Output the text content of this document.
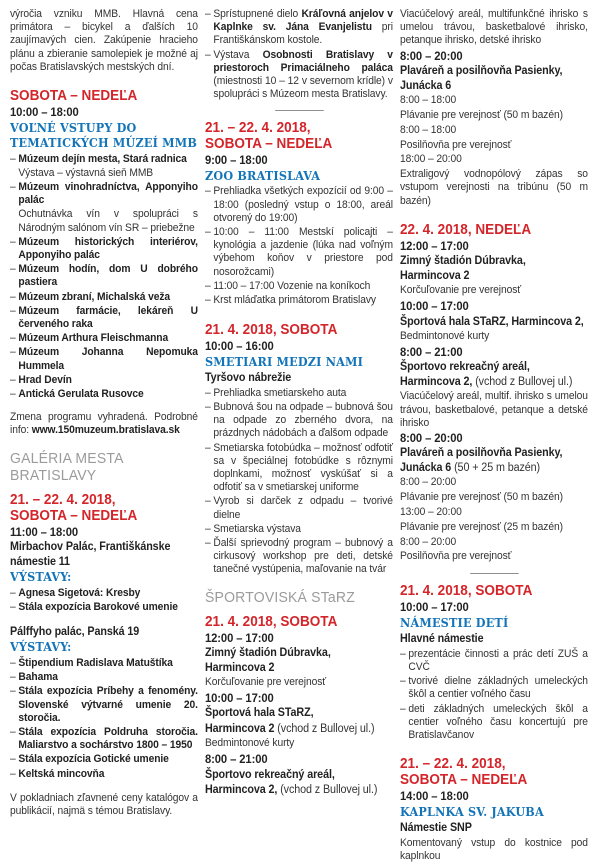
výročia vzniku MMB. Hlavná cena primátora – bicykel a ďalších 10 zaujímavých cien. Zakúpenie hracieho plánu a zbieranie samolepiek je možné aj počas Bratislavských mestských dní.
SOBOTA – NEDEĽA
10:00 – 18:00
VOĽNÉ VSTUPY DO
TEMATICKÝCH MÚZEÍ MMB
– Múzeum dejín mesta, Stará radnica
Výstava – výstavná sieň MMB
– Múzeum vinohradníctva, Apponyiho palác
Ochutnávka vín v spolupráci s Národným salónom vín SR – priebežne
– Múzeum historických interiérov, Apponyiho palác
– Múzeum hodín, dom U dobrého pastiera
– Múzeum zbraní, Michalská veža
– Múzeum farmácie, lekáreň U červeného raka
– Múzeum Arthura Fleischmanna
– Múzeum Johanna Nepomuka Hummela
– Hrad Devín
– Antická Gerulata Rusovce
Zmena programu vyhradená. Podrobné info: www.150muzeum.bratislava.sk
GALÉRIA MESTA BRATISLAVY
21. – 22. 4. 2018,
SOBOTA – NEDEĽA
11:00 – 18:00
Mirbachov Palác, Františkánske námestie 11
VÝSTAVY:
– Agnesa Sigetová: Kresby
– Stála expozícia Barokové umenie
Pálffyho palác, Panská 19
VÝSTAVY:
– Štipendium Radislava Matuštíka
– Bahama
– Stála expozícia Príbehy a fenomény. Slovenské výtvarné umenie 20. storočia.
– Stála expozícia Poldruha storočia. Maliarstvo a sochárstvo 1800 – 1950
– Stála expozícia Gotické umenie
– Keltská mincovňa
V pokladniach zľavnené ceny katalógov a publikácií, najmä s témou Bratislavy.
– Sprístupnené dielo Kráľovná anjelov v Kaplnke sv. Jána Evanjelistu pri Františkánskom kostole.
– Výstava Osobnosti Bratislavy v priestoroch Primaciálneho paláca (miestnosti 10 – 12 v severnom krídle) v spolupráci s Múzeom mesta Bratislavy.
21. – 22. 4. 2018,
SOBOTA – NEDEĽA
9:00 – 18:00
ZOO BRATISLAVA
– Prehliadka všetkých expozícií od 9:00 – 18:00 (posledný vstup o 18:00, areál otvorený do 19:00)
– 10:00 – 11:00 Mestskí policajti – kynológia a jazdenie (lúka nad voľným výbehom koňov v priestore pod nosorožcami)
– 11:00 – 17:00 Vozenie na koníkoch
– Krst mláďatka primátorom Bratislavy
21. 4. 2018, SOBOTA
10:00 – 16:00
SMETIARI MEDZI NAMI
Tyršovo nábrežie
– Prehliadka smetiarskeho auta
– Bubnová šou na odpade – bubnová šou na odpade zo zberného dvora, na prázdnych nádobách a ďalšom odpade
– Smetiarska fotobúdka – možnosť odfotiť sa v špeciálnej fotobúdke s rôznymi doplnkami, možnosť vyskúšať si a odfotiť sa v smetiarskej uniforme
– Vyrob si darček z odpadu – tvorivé dielne
– Smetiarska výstava
– Ďalší sprievodný program – bubnový a cirkusový workshop pre deti, detské tanečné vystúpenia, maľovanie na tvár
ŠPORTOVISKÁ STaRZ
21. 4. 2018, SOBOTA
12:00 – 17:00
Zimný štadión Dúbravka, Harmincova 2
Korčuľovanie pre verejnosť
10:00 – 17:00
Športová hala STaRZ,
Harmincova 2 (vchod z Bullovej ul.)
Bedmintonové kurty
8:00 – 21:00
Športovo rekreačný areál,
Harmincova 2, (vchod z Bullovej ul.)
Viacúčelový areál, multifunkčné ihrisko s umelou trávou, basketbalové ihrisko, petanque ihrisko, detské ihrisko
8:00 – 20:00
Plaváreň a posilňovňa Pasienky, Junácka 6
8:00 – 18:00
Plávanie pre verejnosť (50 m bazén)
8:00 – 18:00
Posilňovňa pre verejnosť
18:00 – 20:00
Extraligový vodnopólový zápas so vstupom verejnosti na tribúnu (50 m bazén)
22. 4. 2018, NEDEĽA
12:00 – 17:00
Zimný štadión Dúbravka, Harmincova 2
Korčuľovanie pre verejnosť
10:00 – 17:00
Športová hala STaRZ, Harmincova 2,
Bedmintonové kurty
8:00 – 21:00
Športovo rekreačný areál, Harmincova 2, (vchod z Bullovej ul.)
Viacúčelový areál, multif. ihrisko s umelou trávou, basketbalové, petanque a detské ihrisko
8:00 – 20:00
Plaváreň a posilňovňa Pasienky, Junácka 6 (50 + 25 m bazén)
8:00 – 20:00
Plávanie pre verejnosť (50 m bazén)
13:00 – 20:00
Plávanie pre verejnosť (25 m bazén)
8:00 – 20:00
Posilňovňa pre verejnosť
21. 4. 2018, SOBOTA
10:00 – 17:00
NÁMESTIE DETÍ
Hlavné námestie
– prezentácie činnosti a prác detí ZUŠ a CVČ
– tvorivé dielne základných umeleckých škôl a centier voľného času
– deti základných umeleckých škôl a centier voľného času koncertujú pre Bratislavčanov
21. – 22. 4. 2018,
SOBOTA – NEDEĽA
14:00 – 18:00
KAPLNKA SV. JAKUBA
Námestie SNP
Komentovaný vstup do kostnice pod kaplnkou
